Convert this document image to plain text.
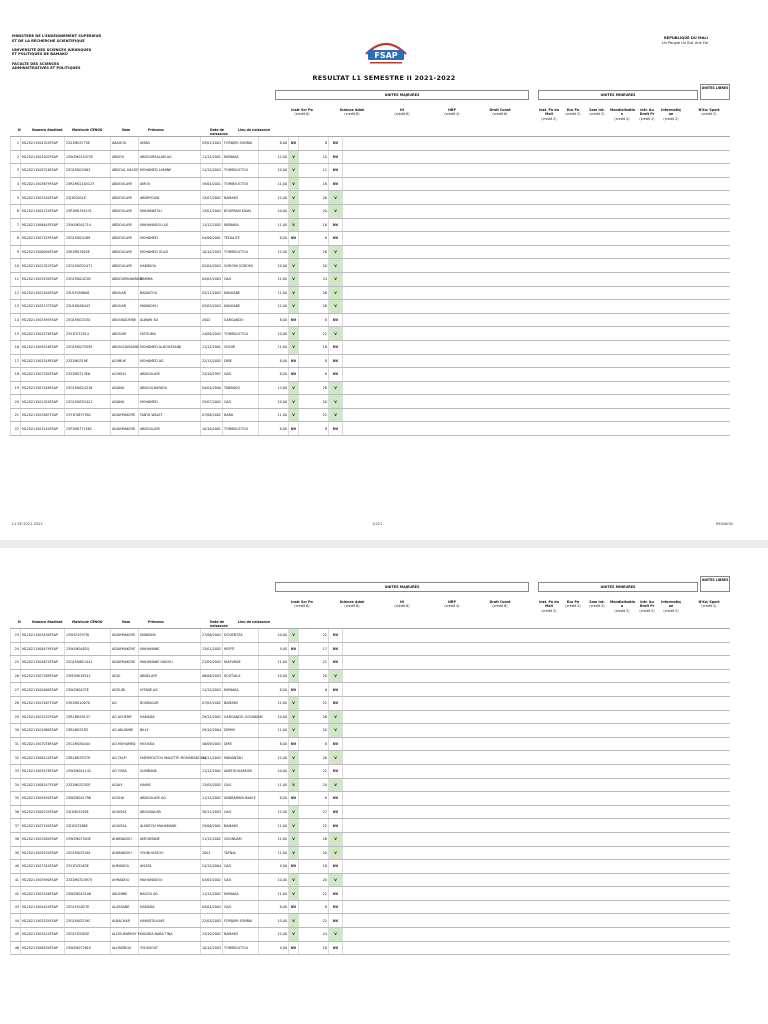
MINISTERE DE L'ENSEIGNEMENT SUPERIEUR
ET DE LA RECHERCHE SCIENTIFIQUE
- - - - - - - - - - - - - - -
UNIVERSITE DES SCIENCES JURIDIQUES
ET POLITIQUES DE BAMAKO
- - - - - - - - - - - - - - -
FACULTE DES SCIENCES
ADMINISTRATIVES ET POLITIQUES
FSAP
REPUBLIQUE DU MALI
Un Peuple Un But Une Foi
RESULTAT L1 SEMESTRE II 2021-2022
UNITES MAJEURES	UNITES MINEURES
UNITES LIBRES
Instr Scr Po
(credit 6)
Science Admi
(credit 6)
HI
(credit 6)
HRP
(credit 4)
Droit Const
(credit 6)
Inst. Po du Mali
(credit 2)
Eco Po
(credit 2)
Sam Int.
(credit 2)
Mondialisatio n
(credit 2)
Intr. Au Droit Pr
(credit 2)
Informatiq ue
(credit 2)
N'Ko/ Sport
(credit 2)
N	Numero étudiant	Matricule CENOU	Nom	Prénoms	Date de naissance
Lieu de naissance
1	ML20211504320FSAP	23Z1M0377SE	ABAHOU	AMAN	29/01/2003	FORDJIRI SONRAI	8,00	NV	8	NV	
2	ML20211503202FSAP	23W1M014372E	ABDOU	ABDOURSALAM AG	11/12/2001	NIENAKA	12,00	V	10	NV	
3	ML20211509716FSAP	23Q1M012982	ABDOUL HACKO	MOHAMED LAMINE	11/12/2003	TOMBOUCTOU	10,00	V	12	NV	
4	ML20211503679FSAP	23R1M02183123	ABDOULAYE	AMOU	19/04/2001	TOMBOUCTOU	11,00	V	16	NV	
5	ML20211503240FSAP	23J1E0201E	ABDOULAYE	ABDRYGUW	13/07/2002	BAMAKO	12,00	V	28	V	
6	ML20211504724FSAP	23P1M0754231	ABDOULAYE	MAHAMATOU	13/01/2003	BOURRAM KIDAL	10,00	V	20	V	
7	ML20211506445FSAP	23W1M001714	ABDOULAYE	MAHAMADOU AG	11/12/2002	NIENAKA	11,00	V	18	NV	
8	ML20211507429FSAP	23G1M024189	ABDOULAYE	MOHAMED	04/06/2001	TEDALITE	8,00	NV	8	NV	
9	ML20211508090FSAP	23K1M07605E	ABDOULAYE	MOHAMED OULD	10/10/2003	TOMBOUCTOU	12,00	V	26	V	
10	ML20211501322FSAP	23G1M0322471	ABDOULAYE	HAMIDOU	02/04/2003	GOROMI GOROMI	10,00	V	20	V	
11	ML20211503230FSAP	23G1M02423N	ABDOURAHAMANE	HAMMA	04/03/2003	GAO	12,00	V	24	V	
12	ML20211502440FSAP	23U1F059608	ABOUAR	BADIATOU	03/11/2003	KANGABE	11,00	V	26	V	
13	ML20211505137FSAP	23U1M058443	ABOUAR	MAMADOU	03/03/2003	KANGABE	12,00	V	28	V	
14	ML20211503395FSAP	23Q1M013150	ABOUBACRINE	ALWARI AG	2002	GARGANDO	8,00	NV	8	NV	
15	ML20211503276FSAP	23Y1F072914	ABOUDR	FATOUMA	24/08/2003	TOMBOUCTOU	10,00	V	22	V	
16	ML20211509316FSAP	23Q1M0275595	ABOULHASSANE	MOHAMED ALHOUSSAINI	11/12/2001	GOHIR	11,00	V	18	NV	
17	ML20211503318FSAP	23Z1M0319E	ACHBUK	MOHAMED AG	22/11/2002	DIRE	8,00	NV	8	NV	
18	ML20211507294FSAP	23Z1M0713E6	ACHKOU	ABDOULAYE	24/10/1997	GAO	8,00	NV	8	NV	
19	ML20211507448FSAP	23G1M0524218	ADAMA	ABDOULRAYAOU	04/04/2000	TABANGO	13,00	V	28	V	
20	ML20211501320FSAP	23G1M0552421	ADAMA	MOHAMED	25/07/2002	GAO	10,00	V	20	V	
21	ML20211503487FSAP	23Y1F0837902	ADIAYMAKOYE	FANTA WALET	07/06/2002	NARA	11,00	V	22	V	
22	ML20211503144FSAP	23P1M0771562	ADIAYMAKOYE	ABDOULAYE	10/10/2001	TOMBOUCTOU	8,00	NV	8	NV	
L1 SE 2021-2022	1/221	REUNION
UNITES MAJEURES	UNITES MINEURES
UNITES LIBRES
Instr Scr Po
(credit 6)
Science Admi
(credit 6)
HI
(credit 6)
HRP
(credit 4)
Droit Const
(credit 6)
Inst. Po du Mali
(credit 2)
Eco Po
(credit 2)
Sam Int.
(credit 2)
Mondialisatio n
(credit 2)
Intr. Au Droit Pr
(credit 2)
Informatiq ue
(credit 2)
N'Ko/ Sport
(credit 2)
N	Numero étudiant	Matricule CENOU	Nom	Prénoms	Date de naissance
Lieu de naissance
23	ML20211503430FSAP	23W1F07979J	ADIAYMAKOYE	DINNDHA	27/06/2003	DOUENTZA	10,00	V	22	NV	
24	ML20211508479FSAP	23W1M0482Q	ADIAYMAKOYE	MAHAMANE	13/01/2002	MOPTI	9,00	NV	17	NV	
25	ML20211504674FSAP	23Q1M0821441	ADIAYMAKOYE	MAHAMANE HADOU	21/09/2003	NIAFUNKE	11,00	V	21	NV	
26	ML20211507289FSAP	23M1M019342	ADJO	ABDELAYE	06/06/2003	KOUTIALA	10,00	V	20	V	
27	ML20211500460FSAP	23W1M0437E	ADOUDI	HITANE AG	11/12/2003	NIENAKA	8,00	NV	8	NV	
28	ML20211503167FSAP	23K1M010070	AG	BOUBACAR	07/03/2002	BAMAKO	12,00	V	22	NV	
29	ML20211503232FSAP	23R1M059137	AG ACHERIF	HAMADA	29/12/2002	GARGANDO-GOUNDAM	10,00	V	26	V	
30	ML20211501980FSAP	23R1M031R3	AG AKLININE	BILLY	29/10/2004	DIRMO	11,00	V	20	V	
31	ML20211507078FSAP	23C1M030444	AG MOHAMED	MOUSSA	16/09/2003	DIRE	8,00	NV	8	NV	
32	ML20211506120FSAP	23R1M035379	AG TALFI	FADYMOUTOU WALETTE MOHAMADOUN	14/11/2003	MANANTALI	12,00	V	28	V	
33	ML20211503478FSAP	23W1M041142	AG YOBA	GUMBANE	11/12/2002	ANEFGOUAREISE	10,00	V	22	NV	
34	ML20211508147FSAP	23Z1M0323OE	AGALY	HAMIS	13/05/2002	GAO	11,00	V	20	V	
35	ML20211509450FSAP	23W1M041796	AGOHA	ABDOULAYE AG	11/12/2002	ANDRAMBOUKAN E	8,00	NV	8	NV	
36	ML20211500234FSAP	23J1M03290E	AGUISSA	ABOUBACAR	30/11/2003	GAO	12,00	V	27	NV	
37	ML20211507194FSAP	23J1F03286E	AGUISSA	ALMATOU MAHAMANE	29/06/2001	BAMAKO	11,00	V	22	NV	
38	ML20211503284FSAP	23W1M07503E	AHAMADOU	AMOUMANE	11/12/2002	GOUNDAM	12,00	V	26	V	
39	ML20211509234FSAP	23G1M03319X	AHAMADOU	YOUNOUSSOU	2001	TAYNAL	11,00	V	20	V	
40	ML20211507344FSAP	23Y1F03263E	AHMADOU	AISATA	24/12/2004	GAO	9,00	NV	18	NV	
41	ML20211509390FSAP	23Z1M0323975	AHMADOU	MAHAMADOU	03/05/2002	GAO	10,00	V	20	V	
42	ML20211503246FSAP	23W1M043108	AKLININE	BAGOU AG	11/12/2002	NIENAKA	11,00	V	22	NV	
43	ML20211504424FSAP	23G1F01827E	ALASSANE	HAMADA	04/04/2003	GAO	8,00	NV	8	NV	
44	ML20211503234FSAP	23G1M03219C	ALBACHAR	HAMATOULAYE	22/03/2003	FORDJIRI SONRAI	10,00	V	22	NV	
45	ML20211503424FSAP	23G1F03305E	ALDOUKARKEY E	KADIDIA BABA TINA	13/10/2002	BAMAKO	12,00	V	24	V	
46	ML20211508430FSAP	23W1M07261E	ALHAMDOU	YOUSSOUF	10/10/2003	TOMBOUCTOU	9,00	NV	18	NV	
